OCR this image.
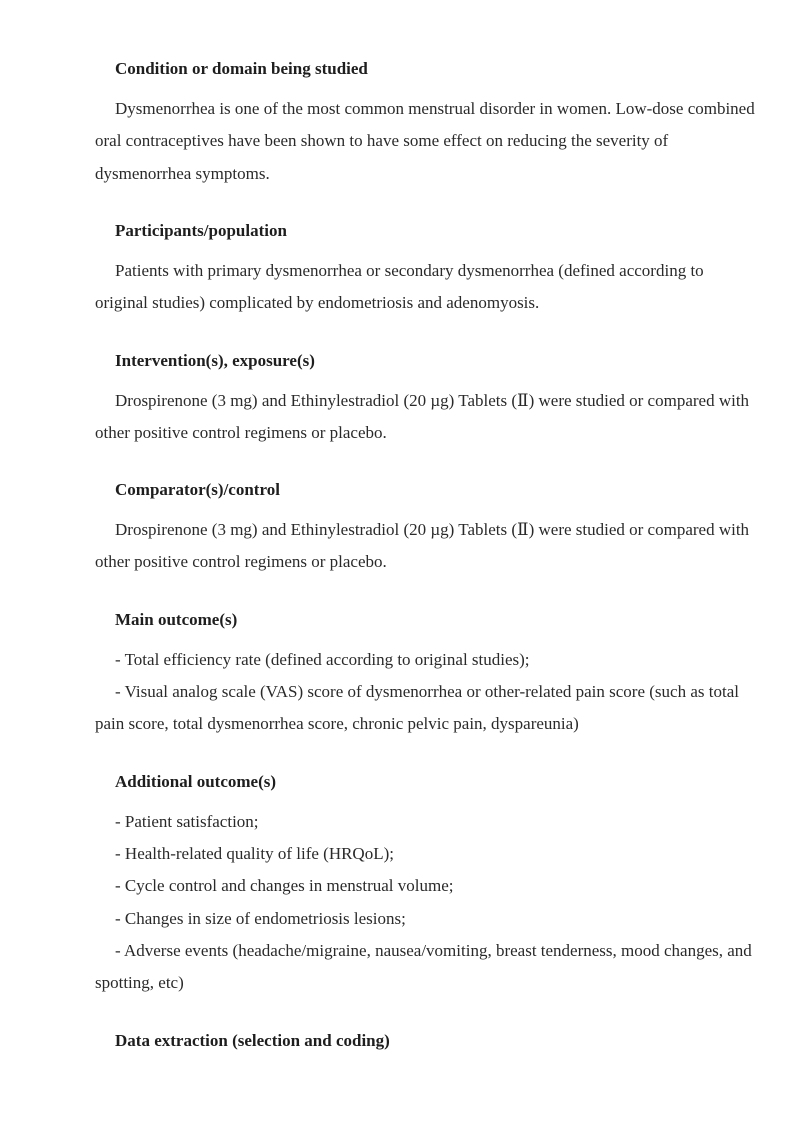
Condition or domain being studied

Dysmenorrhea is one of the most common menstrual disorder in women. Low-dose combined oral contraceptives have been shown to have some effect on reducing the severity of dysmenorrhea symptoms.

Participants/population

Patients with primary dysmenorrhea or secondary dysmenorrhea (defined according to original studies) complicated by endometriosis and adenomyosis.

Intervention(s), exposure(s)

Drospirenone (3 mg) and Ethinylestradiol (20 µg) Tablets (Ⅱ) were studied or compared with other positive control regimens or placebo.

Comparator(s)/control

Drospirenone (3 mg) and Ethinylestradiol (20 µg) Tablets (Ⅱ) were studied or compared with other positive control regimens or placebo.

Main outcome(s)

- Total efficiency rate (defined according to original studies);

- Visual analog scale (VAS) score of dysmenorrhea or other-related pain score (such as total pain score, total dysmenorrhea score, chronic pelvic pain, dyspareunia)

Additional outcome(s)

- Patient satisfaction;

- Health-related quality of life (HRQoL);

- Cycle control and changes in menstrual volume;

- Changes in size of endometriosis lesions;

- Adverse events (headache/migraine, nausea/vomiting, breast tenderness, mood changes, and spotting, etc)

Data extraction (selection and coding)
